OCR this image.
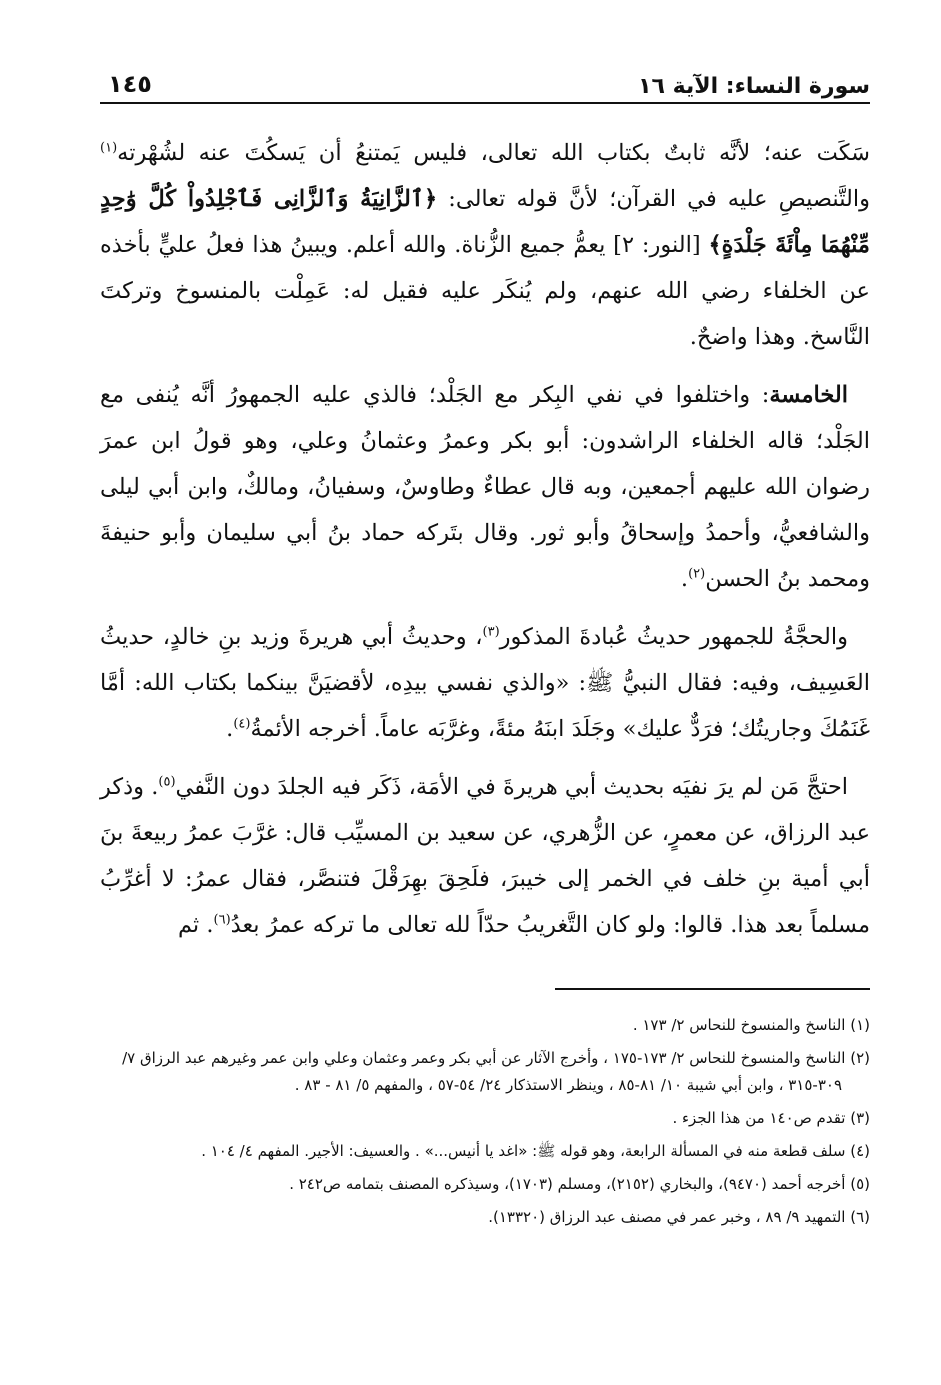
سورة النساء: الآية ١٦
١٤٥

سَكَت عنه؛ لأنَّه ثابتٌ بكتاب الله تعالى، فليس يَمتنعُ أن يَسكُتَ عنه لشُهْرته$^{(١)}$ والتَّنصيصِ عليه في القرآن؛ لأنَّ قوله تعالى: ﴿ٱلزَّانِيَةُ وَٱلزَّانِى فَٱجْلِدُواْ كُلَّ وَٰحِدٍ مِّنْهُمَا مِاْئَةَ جَلْدَةٍ﴾ [النور: ٢] يعمُّ جميع الزُّناة. والله أعلم. ويبينُ هذا فعلُ عليٍّ بأخذه عن الخلفاء رضي الله عنهم، ولم يُنكَر عليه فقيل له: عَمِلْت بالمنسوخ وتركتَ النَّاسخ. وهذا واضحٌ.

الخامسة: واختلفوا في نفي البِكر مع الجَلْد؛ فالذي عليه الجمهورُ أنَّه يُنفى مع الجَلْد؛ قاله الخلفاء الراشدون: أبو بكر وعمرُ وعثمانُ وعلي، وهو قولُ ابن عمرَ رضوان الله عليهم أجمعين، وبه قال عطاءٌ وطاوسٌ، وسفيانُ، ومالكٌ، وابن أبي ليلى والشافعيُّ، وأحمدُ وإسحاقُ وأبو ثور. وقال بتَركه حماد بنُ أبي سليمان وأبو حنيفةَ ومحمد بنُ الحسن$^{(٢)}$.

والحجَّةُ للجمهور حديثُ عُبادةَ المذكور$^{(٣)}$، وحديثُ أبي هريرةَ وزيد بنِ خالدٍ، حديثُ العَسِيف، وفيه: فقال النبيُّ ﷺ: «والذي نفسي بيدِه، لأقضيَنَّ بينكما بكتاب الله: أمَّا غَنَمُكَ وجاريتُك؛ فرَدٌّ عليك» وجَلَدَ ابنَهُ مئةً، وغرَّبَه عاماً. أخرجه الأئمةُ$^{(٤)}$.

احتجَّ مَن لم يرَ نفيَه بحديث أبي هريرةَ في الأمَة، ذَكَر فيه الجلدَ دون النَّفي$^{(٥)}$. وذكر عبد الرزاق، عن معمرٍ، عن الزُّهري، عن سعيد بن المسيِّب قال: غرَّبَ عمرُ ربيعةَ بنَ أبي أمية بنِ خلف في الخمر إلى خيبرَ، فلَحِقَ بهِرَقْلَ فتنصَّر، فقال عمرُ: لا أغرِّبُ مسلماً بعد هذا. قالوا: ولو كان التَّغريبُ حدّاً لله تعالى ما تركه عمرُ بعدُ$^{(٦)}$. ثم

(١) الناسخ والمنسوخ للنحاس ٢/ ١٧٣ .
(٢) الناسخ والمنسوخ للنحاس ٢/ ١٧٣-١٧٥ ، وأخرج الآثار عن أبي بكر وعمر وعثمان وعلي وابن عمر وغيرهم عبد الرزاق ٧/ ٣٠٩-٣١٥ ، وابن أبي شيبة ١٠/ ٨١-٨٥ ، وينظر الاستذكار ٢٤/ ٥٤-٥٧ ، والمفهم ٥/ ٨١ - ٨٣ .
(٣) تقدم ص١٤٠ من هذا الجزء .
(٤) سلف قطعة منه في المسألة الرابعة، وهو قوله ﷺ: «اغد يا أنيس...» . والعسيف: الأجير. المفهم ٤/ ١٠٤ .
(٥) أخرجه أحمد (٩٤٧٠)، والبخاري (٢١٥٢)، ومسلم (١٧٠٣)، وسيذكره المصنف بتمامه ص٢٤٢ .
(٦) التمهيد ٩/ ٨٩ ، وخبر عمر في مصنف عبد الرزاق (١٣٣٢٠).
